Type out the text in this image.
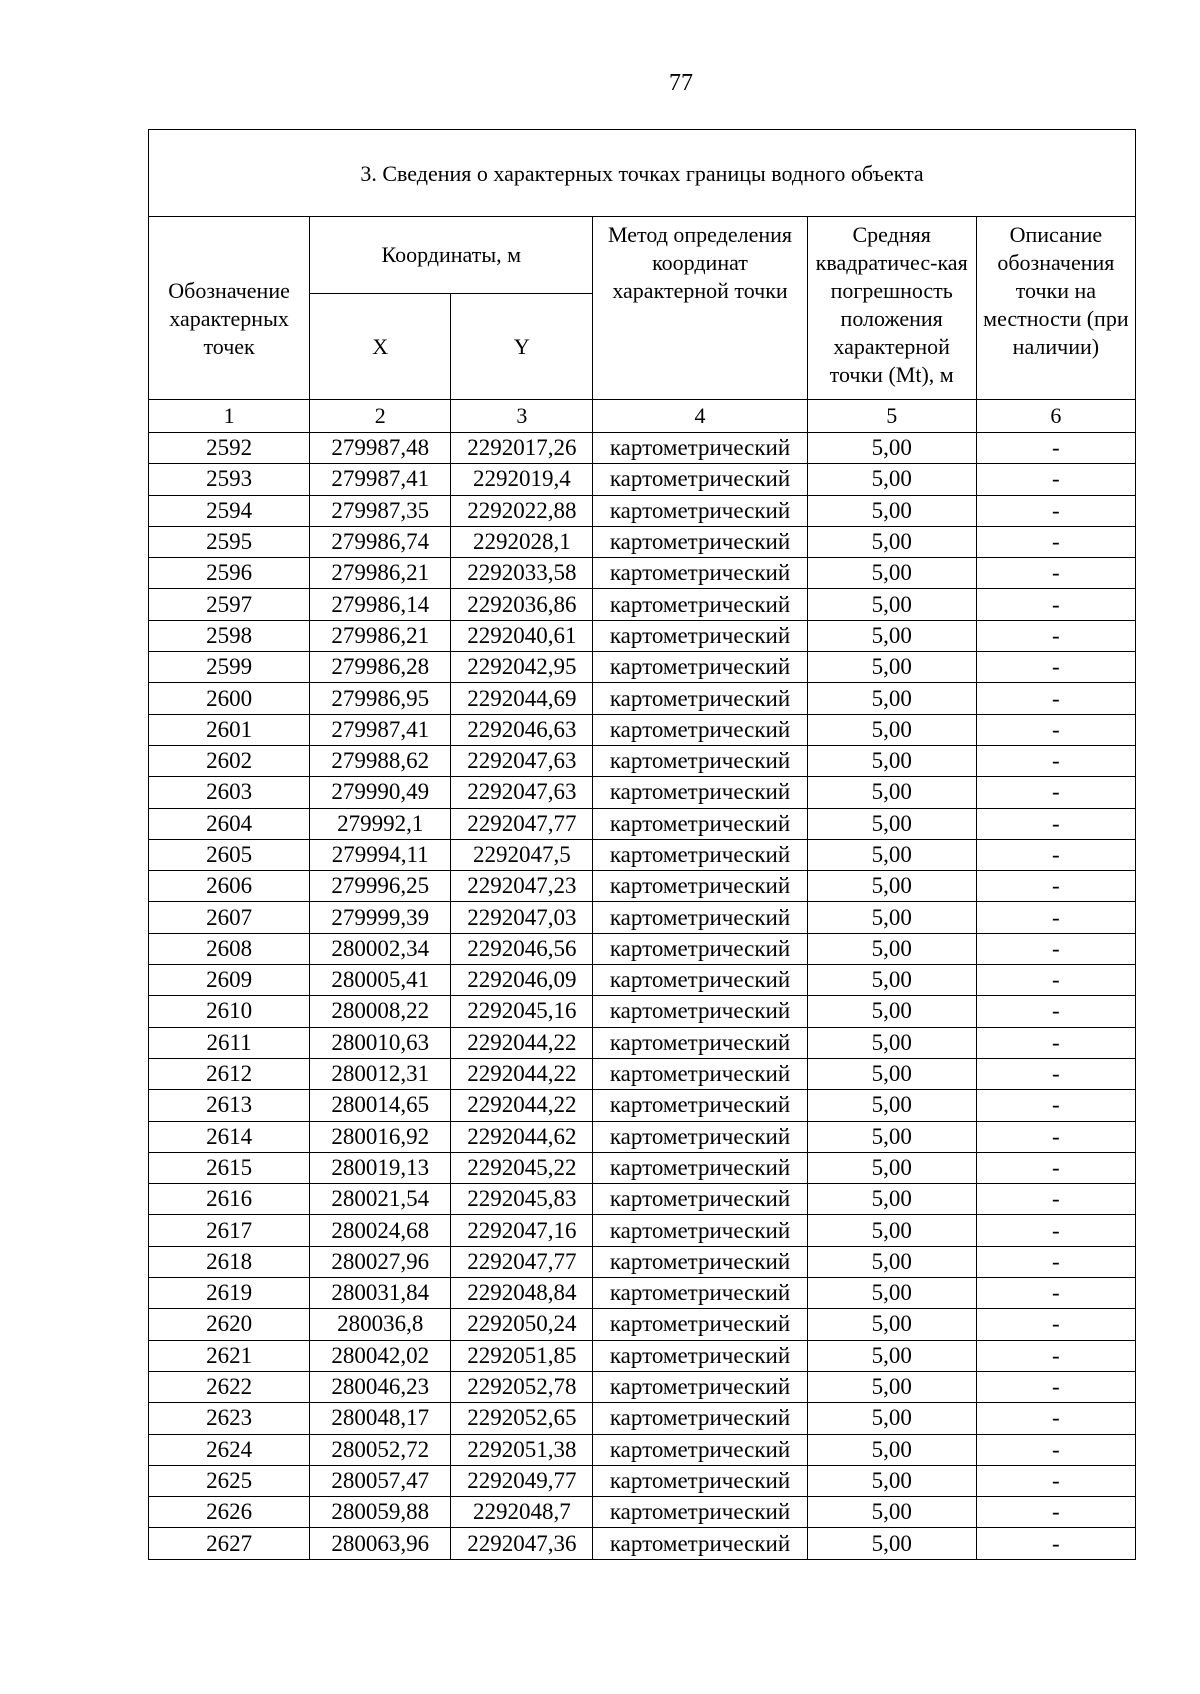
77
3. Сведения о характерных точках границы водного объекта					
Обозначение характерных точек	Координаты, м		Метод определения координат характерной точки	Средняя квадратичес-кая погрешность положения характерной точки (Mt), м	Описание обозначения точки на местности (при наличии)
	X	Y			
1	2	3	4	5	6
2592	279987,48	2292017,26	картометрический	5,00	-
2593	279987,41	2292019,4	картометрический	5,00	-
2594	279987,35	2292022,88	картометрический	5,00	-
2595	279986,74	2292028,1	картометрический	5,00	-
2596	279986,21	2292033,58	картометрический	5,00	-
2597	279986,14	2292036,86	картометрический	5,00	-
2598	279986,21	2292040,61	картометрический	5,00	-
2599	279986,28	2292042,95	картометрический	5,00	-
2600	279986,95	2292044,69	картометрический	5,00	-
2601	279987,41	2292046,63	картометрический	5,00	-
2602	279988,62	2292047,63	картометрический	5,00	-
2603	279990,49	2292047,63	картометрический	5,00	-
2604	279992,1	2292047,77	картометрический	5,00	-
2605	279994,11	2292047,5	картометрический	5,00	-
2606	279996,25	2292047,23	картометрический	5,00	-
2607	279999,39	2292047,03	картометрический	5,00	-
2608	280002,34	2292046,56	картометрический	5,00	-
2609	280005,41	2292046,09	картометрический	5,00	-
2610	280008,22	2292045,16	картометрический	5,00	-
2611	280010,63	2292044,22	картометрический	5,00	-
2612	280012,31	2292044,22	картометрический	5,00	-
2613	280014,65	2292044,22	картометрический	5,00	-
2614	280016,92	2292044,62	картометрический	5,00	-
2615	280019,13	2292045,22	картометрический	5,00	-
2616	280021,54	2292045,83	картометрический	5,00	-
2617	280024,68	2292047,16	картометрический	5,00	-
2618	280027,96	2292047,77	картометрический	5,00	-
2619	280031,84	2292048,84	картометрический	5,00	-
2620	280036,8	2292050,24	картометрический	5,00	-
2621	280042,02	2292051,85	картометрический	5,00	-
2622	280046,23	2292052,78	картометрический	5,00	-
2623	280048,17	2292052,65	картометрический	5,00	-
2624	280052,72	2292051,38	картометрический	5,00	-
2625	280057,47	2292049,77	картометрический	5,00	-
2626	280059,88	2292048,7	картометрический	5,00	-
2627	280063,96	2292047,36	картометрический	5,00	-
